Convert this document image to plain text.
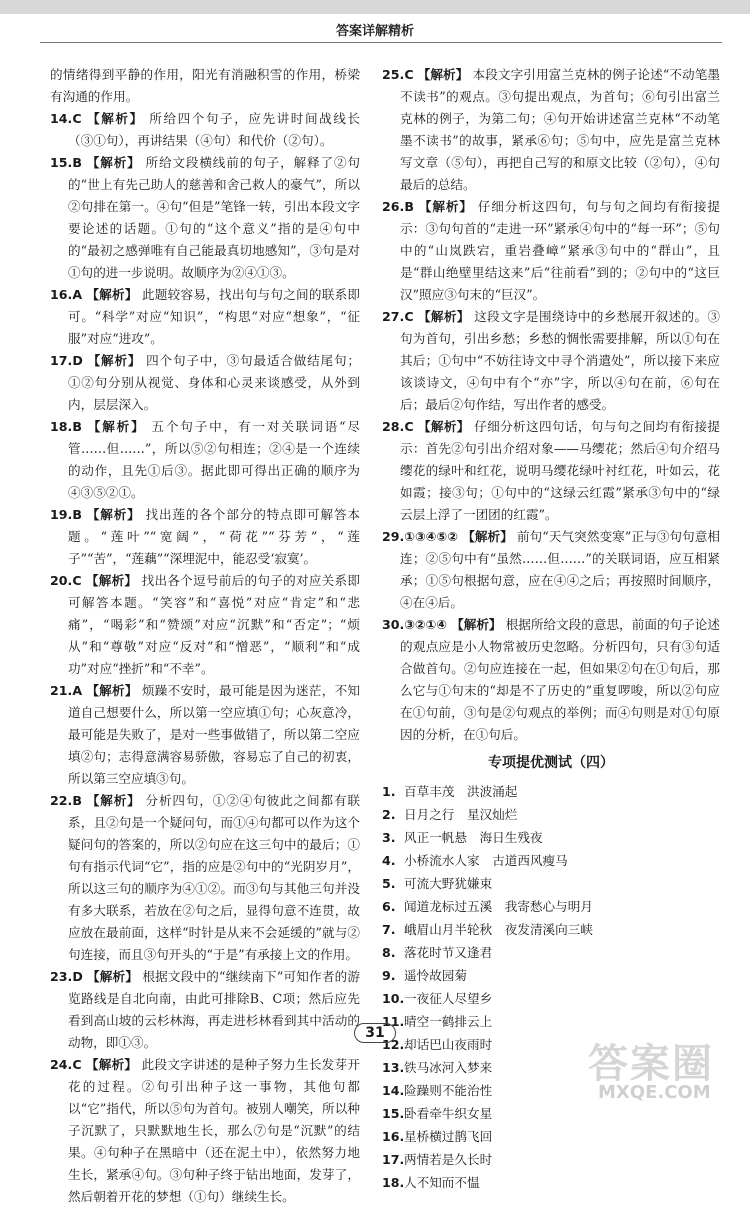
答案详解精析
的情绪得到平静的作用，阳光有消融积雪的作用，桥梁有沟通的作用。
14.C 【解析】 所给四个句子，应先讲时间战线长（③①句），再讲结果（④句）和代价（②句）。
15.B 【解析】 所给文段横线前的句子，解释了②句的“世上有先己助人的慈善和舍己救人的豪气”，所以②句排在第一。④句“但是”笔锋一转，引出本段文字要论述的话题。①句的“这个意义”指的是④句中的“最初之感弹唯有自己能最真切地感知”，③句是对①句的进一步说明。故顺序为②④①③。
16.A 【解析】 此题较容易，找出句与句之间的联系即可。“科学”对应“知识”，“构思”对应“想象”，“征服”对应“进攻”。
17.D 【解析】 四个句子中，③句最适合做结尾句；①②句分别从视觉、身体和心灵来谈感受，从外到内，层层深入。
18.B 【解析】 五个句子中，有一对关联词语“尽管……但……”，所以⑤②句相连；②④是一个连续的动作，且先①后③。据此即可得出正确的顺序为④③⑤②①。
19.B 【解析】 找出莲的各个部分的特点即可解答本题。“莲叶”“宽阔”，“荷花”“芬芳”，“莲子”“苦”，“莲藕”“深埋泥中，能忍受‘寂寞’。
20.C 【解析】 找出各个逗号前后的句子的对应关系即可解答本题。“笑容”和“喜悦”对应“肯定”和“悲痛”，“喝彩”和“赞颂”对应“沉默”和“否定”；“烦从”和“尊敬”对应“反对”和“憎恶”，“顺利”和“成功”对应“挫折”和“不幸”。
21.A 【解析】 烦躁不安时，最可能是因为迷茫，不知道自己想要什么，所以第一空应填①句；心灰意冷，最可能是失败了，是对一些事做错了，所以第二空应填②句；志得意满容易骄傲，容易忘了自己的初衷，所以第三空应填③句。
22.B 【解析】 分析四句，①②④句彼此之间都有联系，且②句是一个疑问句，而①④句都可以作为这个疑问句的答案的，所以②句应在这三句中的最后；①句有指示代词“它”，指的应是②句中的“光阴岁月”，所以这三句的顺序为④①②。而③句与其他三句并没有多大联系，若放在②句之后，显得句意不连贯，故应放在最前面，这样“时针是从来不会延缓的”就与②句连接，而且③句开头的“于是”有承接上文的作用。
23.D 【解析】 根据文段中的“继续南下”可知作者的游览路线是自北向南，由此可排除B、C项；然后应先看到高山坡的云杉林海，再走进杉林看到其中活动的动物，即①③。
24.C 【解析】 此段文字讲述的是种子努力生长发芽开花的过程。②句引出种子这一事物，其他句都以“它”指代，所以⑤句为首句。被别人嘲笑，所以种子沉默了，只默默地生长，那么⑦句是“沉默”的结果。④句种子在黑暗中（还在泥土中），依然努力地生长，紧承④句。③句种子终于钻出地面，发芽了，然后朝着开花的梦想（①句）继续生长。
25.C 【解析】 本段文字引用富兰克林的例子论述“不动笔墨不读书”的观点。③句提出观点，为首句；⑥句引出富兰克林的例子，为第二句；④句开始讲述富兰克林“不动笔墨不读书”的故事，紧承⑥句；⑤句中，应先是富兰克林写文章（⑤句），再把自己写的和原文比较（②句），④句最后的总结。
26.B 【解析】 仔细分析这四句，句与句之间均有衔接提示：③句句首的“走进一环”紧承④句中的“每一环”；⑤句中的“山岚跌宕，重岩叠嶂”紧承③句中的“群山”，且是“群山绝壁里结这来”后“往前看”到的；②句中的“这巨汉”照应③句末的“巨汉”。
27.C 【解析】 这段文字是围绕诗中的乡愁展开叙述的。③句为首句，引出乡愁；乡愁的惆怅需要排解，所以①句在其后；①句中“不妨往诗文中寻个消遣处”，所以接下来应该谈诗文，④句中有个“亦”字，所以④句在前，⑥句在后；最后②句作结，写出作者的感受。
28.C 【解析】 仔细分析这四句话，句与句之间均有衔接提示：首先②句引出介绍对象——马缨花；然后④句介绍马缨花的绿叶和红花，说明马缨花绿叶衬红花，叶如云，花如霞；接③句；①句中的“这绿云红霞”紧承③句中的“绿云层上浮了一团团的红霞”。
29.①③④⑤② 【解析】 前句“天气突然变寒”正与③句句意相连；②⑤句中有“虽然……但……”的关联词语，应互相紧承；①⑤句根据句意，应在④④之后；再按照时间顺序，④在④后。
30.③②①④ 【解析】 根据所给文段的意思，前面的句子论述的观点应是小人物常被历史忽略。分析四句，只有③句适合做首句。②句应连接在一起，但如果②句在①句后，那么它与①句末的“却是不了历史的”重复啰唆，所以②句应在①句前，③句是②句观点的举例；而④句则是对①句原因的分析，在①句后。
专项提优测试（四）
1. 百草丰茂　洪波涌起
2. 日月之行　星汉灿烂
3. 风正一帆悬　海日生残夜
4. 小桥流水人家　古道西风瘦马
5. 可流大野犹嫌束
6. 闻道龙标过五溪　我寄愁心与明月
7. 峨眉山月半轮秋　夜发清溪向三峡
8. 落花时节又逢君
9. 遥怜故园菊
10.一夜征人尽望乡
11.晴空一鹤排云上
12.却话巴山夜雨时
13.铁马冰河入梦来
14.险躁则不能治性
15.卧看牵牛织女星
16.星桥横过鹊飞回
17.两情若是久长时
18.人不知而不愠
31
答案圈
MXQE.COM
